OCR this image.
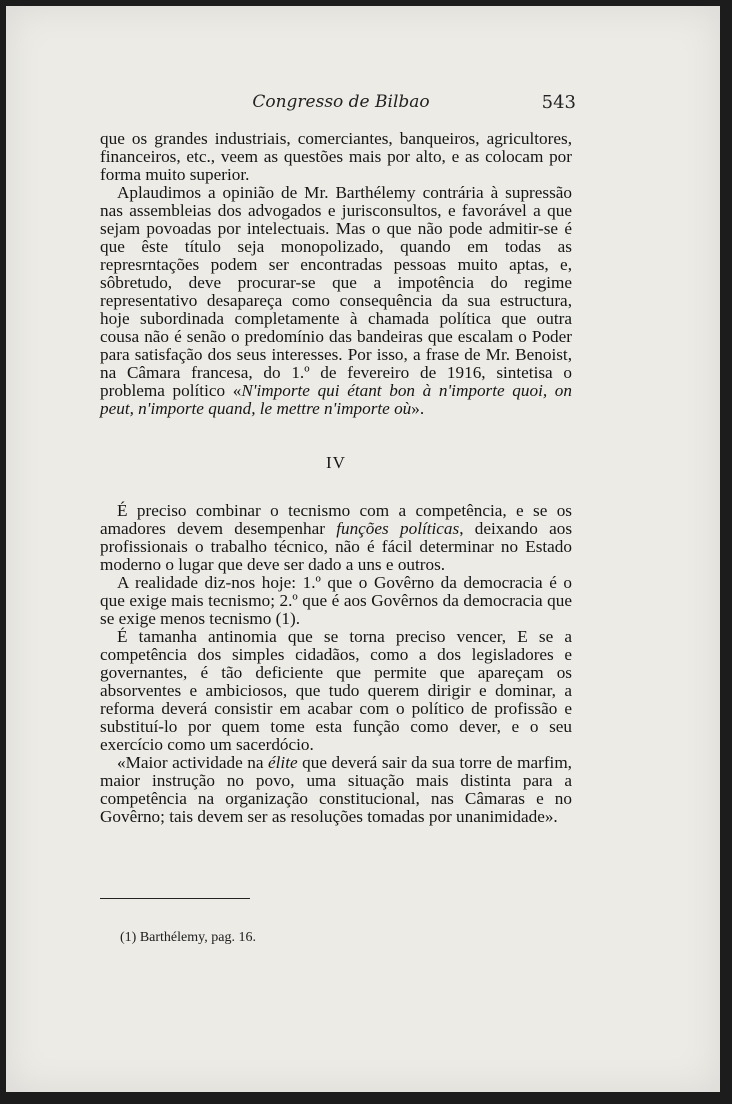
Congresso de Bilbao	543

que os grandes industriais, comerciantes, banqueiros, agricultores, financeiros, etc., veem as questões mais por alto, e as colocam por forma muito superior.

Aplaudimos a opinião de Mr. Barthélemy contrária à supressão nas assembleias dos advogados e jurisconsultos, e favorável a que sejam povoadas por intelectuais. Mas o que não pode admitir-se é que êste título seja monopolizado, quando em todas as represrntações podem ser encontradas pessoas muito aptas, e, sôbretudo, deve procurar-se que a impotência do regime representativo desapareça como consequência da sua estructura, hoje subordinada completamente à chamada política que outra cousa não é senão o predomínio das bandeiras que escalam o Poder para satisfação dos seus interesses. Por isso, a frase de Mr. Benoist, na Câmara francesa, do 1.º de fevereiro de 1916, sintetisa o problema político «N'importe qui étant bon à n'importe quoi, on peut, n'importe quand, le mettre n'importe où».

IV

É preciso combinar o tecnismo com a competência, e se os amadores devem desempenhar funções políticas, deixando aos profissionais o trabalho técnico, não é fácil determinar no Estado moderno o lugar que deve ser dado a uns e outros.

A realidade diz-nos hoje: 1.º que o Govêrno da democracia é o que exige mais tecnismo; 2.º que é aos Govêrnos da democracia que se exige menos tecnismo (1).

É tamanha antinomia que se torna preciso vencer, E se a competência dos simples cidadãos, como a dos legisladores e governantes, é tão deficiente que permite que apareçam os absorventes e ambiciosos, que tudo querem dirigir e dominar, a reforma deverá consistir em acabar com o político de profissão e substituí-lo por quem tome esta função como dever, e o seu exercício como um sacerdócio.

«Maior actividade na élite que deverá sair da sua torre de marfim, maior instrução no povo, uma situação mais distinta para a competência na organização constitucional, nas Câmaras e no Govêrno; tais devem ser as resoluções tomadas por unanimidade».

(1) Barthélemy, pag. 16.
